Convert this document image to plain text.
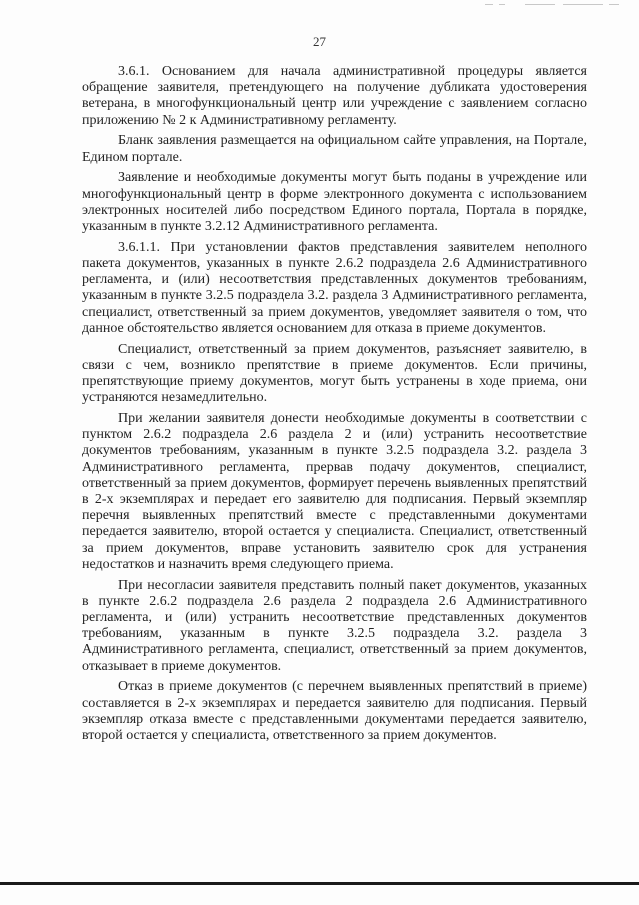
27

3.6.1. Основанием для начала административной процедуры является обращение заявителя, претендующего на получение дубликата удостоверения ветерана, в многофункциональный центр или учреждение с заявлением согласно приложению № 2 к Административному регламенту.

Бланк заявления размещается на официальном сайте управления, на Портале, Едином портале.

Заявление и необходимые документы могут быть поданы в учреждение или многофункциональный центр в форме электронного документа с использованием электронных носителей либо посредством Единого портала, Портала в порядке, указанным в пункте 3.2.12 Административного регламента.

3.6.1.1. При установлении фактов представления заявителем неполного пакета документов, указанных в пункте 2.6.2 подраздела 2.6 Административного регламента, и (или) несоответствия представленных документов требованиям, указанным в пункте 3.2.5 подраздела 3.2. раздела 3 Административного регламента, специалист, ответственный за прием документов, уведомляет заявителя о том, что данное обстоятельство является основанием для отказа в приеме документов.

Специалист, ответственный за прием документов, разъясняет заявителю, в связи с чем, возникло препятствие в приеме документов. Если причины, препятствующие приему документов, могут быть устранены в ходе приема, они устраняются незамедлительно.

При желании заявителя донести необходимые документы в соответствии с пунктом 2.6.2 подраздела 2.6 раздела 2 и (или) устранить несоответствие документов требованиям, указанным в пункте 3.2.5 подраздела 3.2. раздела 3 Административного регламента, прервав подачу документов, специалист, ответственный за прием документов, формирует перечень выявленных препятствий в 2-х экземплярах и передает его заявителю для подписания. Первый экземпляр перечня выявленных препятствий вместе с представленными документами передается заявителю, второй остается у специалиста. Специалист, ответственный за прием документов, вправе установить заявителю срок для устранения недостатков и назначить время следующего приема.

При несогласии заявителя представить полный пакет документов, указанных в пункте 2.6.2 подраздела 2.6 раздела 2 подраздела 2.6 Административного регламента, и (или) устранить несоответствие представленных документов требованиям, указанным в пункте 3.2.5 подраздела 3.2. раздела 3 Административного регламента, специалист, ответственный за прием документов, отказывает в приеме документов.

Отказ в приеме документов (с перечнем выявленных препятствий в приеме) составляется в 2-х экземплярах и передается заявителю для подписания. Первый экземпляр отказа вместе с представленными документами передается заявителю, второй остается у специалиста, ответственного за прием документов.
